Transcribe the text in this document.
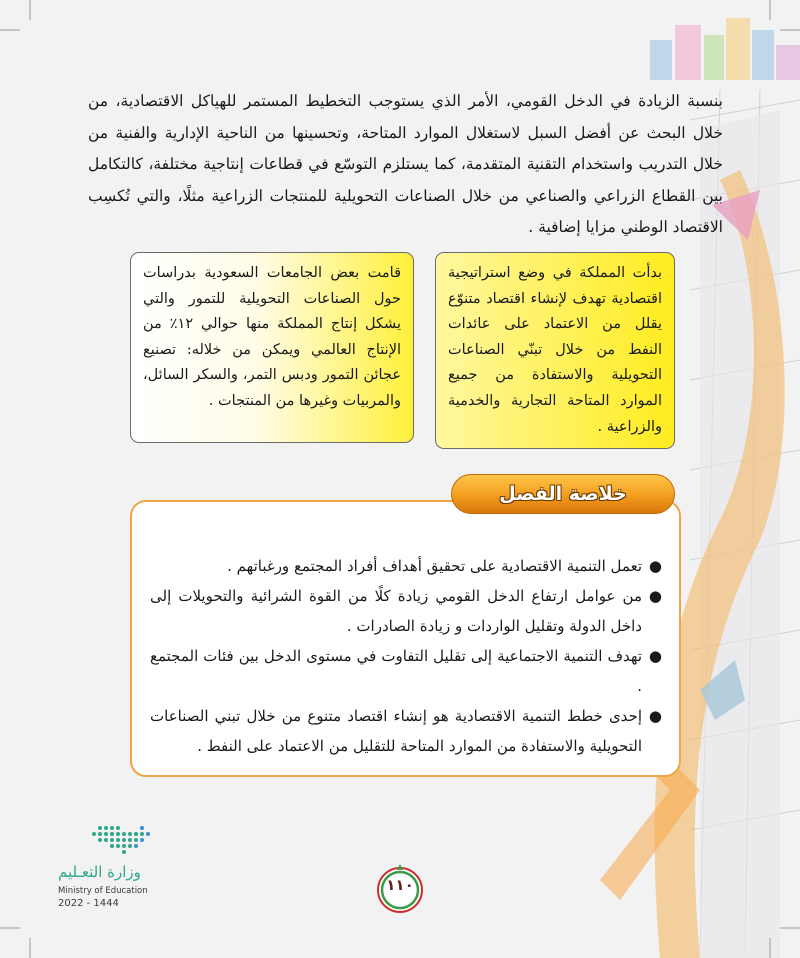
بنسبة الزيادة في الدخل القومي، الأمر الذي يستوجب التخطيط المستمر للهياكل الاقتصادية، من خلال البحث عن أفضل السبل لاستغلال الموارد المتاحة، وتحسينها من الناحية الإدارية والفنية من خلال التدريب واستخدام التقنية المتقدمة، كما يستلزم التوسّع في قطاعات إنتاجية مختلفة، كالتكامل بين القطاع الزراعي والصناعي من خلال الصناعات التحويلية للمنتجات الزراعية مثلًا، والتي تُكسِب الاقتصاد الوطني مزايا إضافية .
قامت بعض الجامعات السعودية بدراسات حول الصناعات التحويلية للتمور والتي يشكل إنتاج المملكة منها حوالي ١٢٪ من الإنتاج العالمي ويمكن من خلاله: تصنيع عجائن التمور ودبس التمر، والسكر السائل، والمربيات وغيرها من المنتجات .
بدأت المملكة في وضع استراتيجية اقتصادية تهدف لإنشاء اقتصاد متنوّع يقلل من الاعتماد على عائدات النفط من خلال تبنّي الصناعات التحويلية والاستفادة من جميع الموارد المتاحة التجارية والخدمية والزراعية .
خلاصة الفصل
●
تعمل التنمية الاقتصادية على تحقيق أهداف أفراد المجتمع ورغباتهم .
●
من عوامل ارتفاع الدخل القومي زيادة كلًا من القوة الشرائية والتحويلات إلى داخل الدولة وتقليل الواردات و زيادة الصادرات .
●
تهدف التنمية الاجتماعية إلى تقليل التفاوت في مستوى الدخل بين فئات المجتمع .
●
إحدى خطط التنمية الاقتصادية هو إنشاء اقتصاد متنوع من خلال تبني الصناعات التحويلية والاستفادة من الموارد المتاحة للتقليل من الاعتماد على النفط .
وزارة التعـليم
Ministry of Education
2022 - 1444
١١٠
